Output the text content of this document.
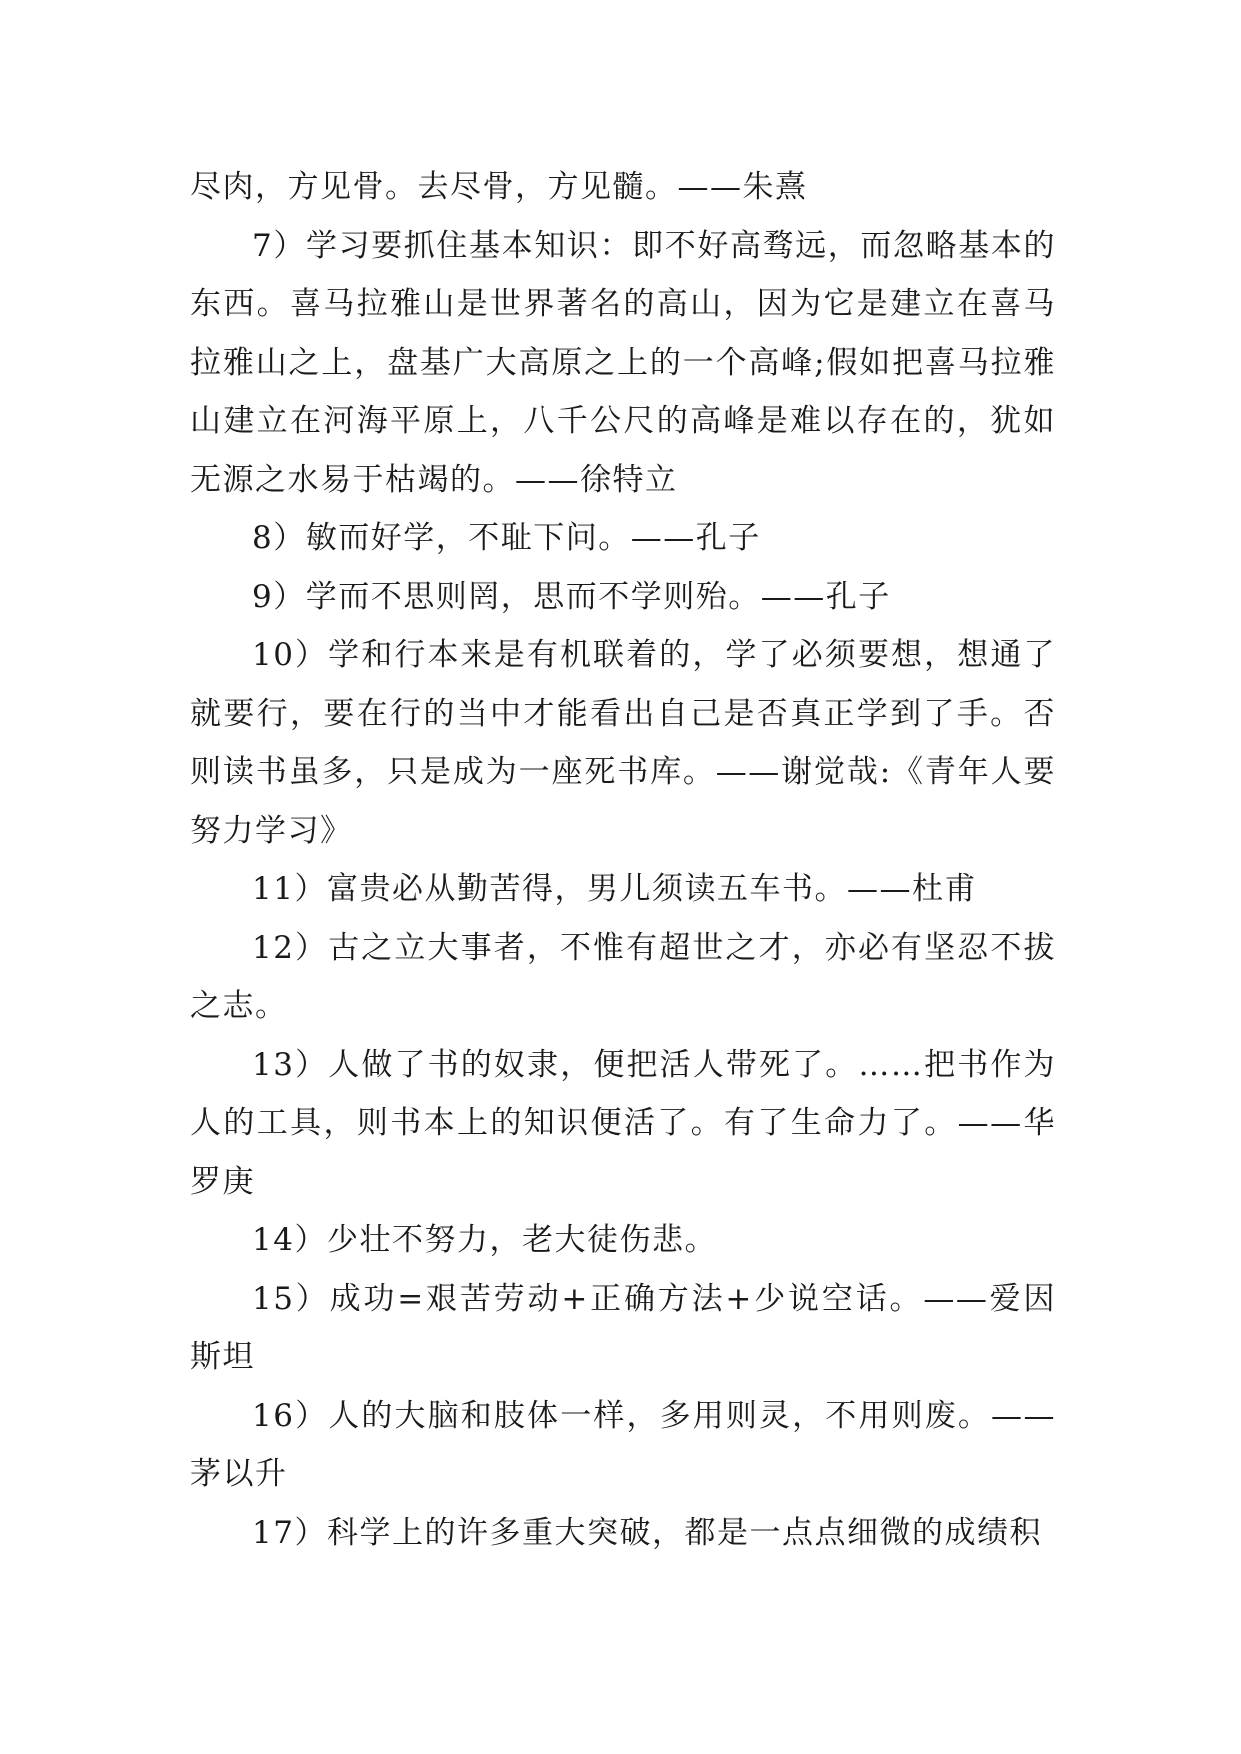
尽肉，方见骨。去尽骨，方见髓。——朱熹

7）学习要抓住基本知识：即不好高骛远，而忽略基本的东西。喜马拉雅山是世界著名的高山，因为它是建立在喜马拉雅山之上，盘基广大高原之上的一个高峰;假如把喜马拉雅山建立在河海平原上，八千公尺的高峰是难以存在的，犹如无源之水易于枯竭的。——徐特立

8）敏而好学，不耻下问。——孔子

9）学而不思则罔，思而不学则殆。——孔子

10）学和行本来是有机联着的，学了必须要想，想通了就要行，要在行的当中才能看出自己是否真正学到了手。否则读书虽多，只是成为一座死书库。——谢觉哉:《青年人要努力学习》

11）富贵必从勤苦得，男儿须读五车书。——杜甫

12）古之立大事者，不惟有超世之才，亦必有坚忍不拔之志。

13）人做了书的奴隶，便把活人带死了。……把书作为人的工具，则书本上的知识便活了。有了生命力了。——华罗庚

14）少壮不努力，老大徒伤悲。

15）成功=艰苦劳动+正确方法+少说空话。——爱因斯坦

16）人的大脑和肢体一样，多用则灵，不用则废。——茅以升

17）科学上的许多重大突破，都是一点点细微的成绩积
